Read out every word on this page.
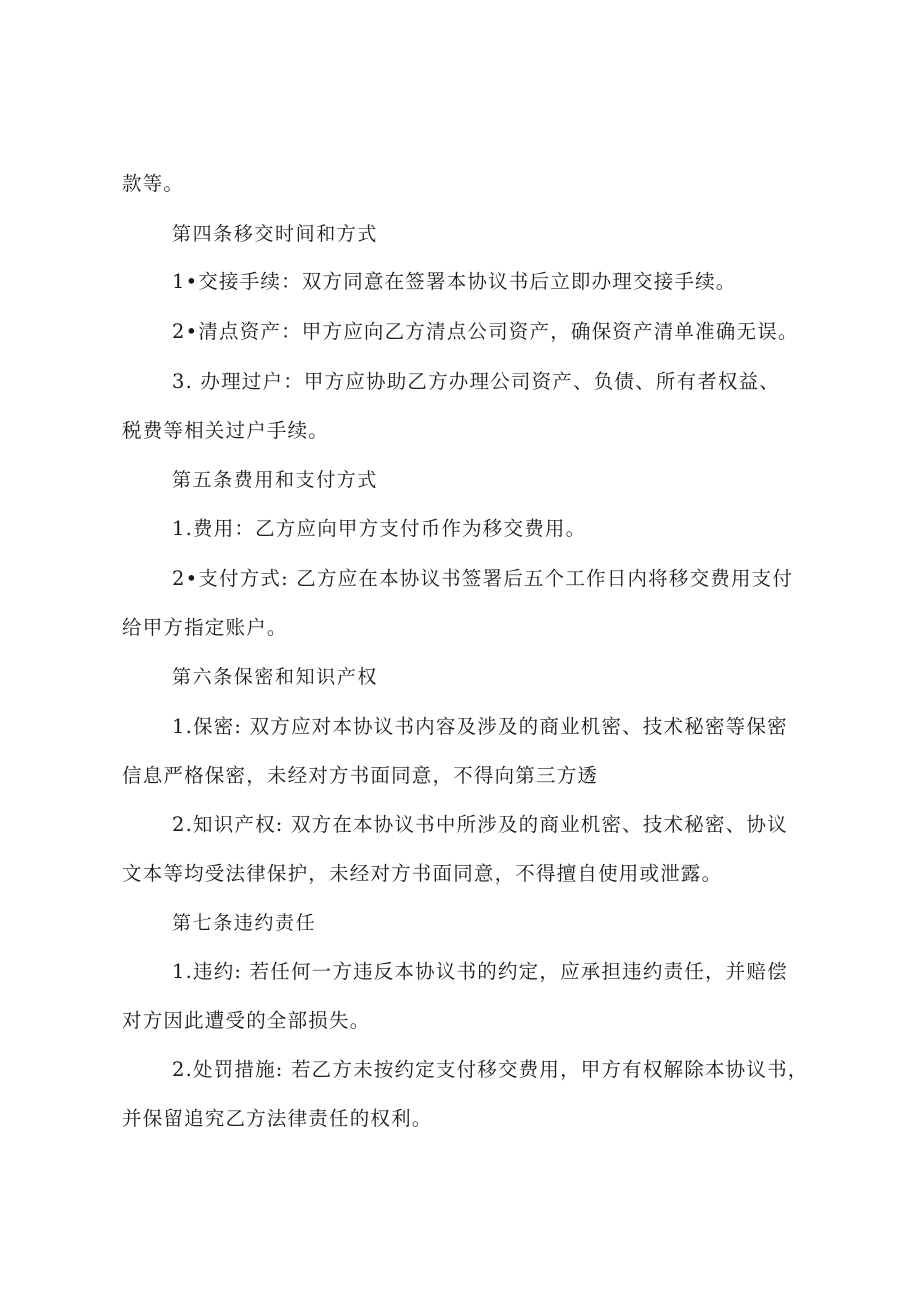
款等。
第四条移交时间和方式
1•交接手续：双方同意在签署本协议书后立即办理交接手续。
2•清点资产：甲方应向乙方清点公司资产，确保资产清单准确无误。
3. 办理过户：甲方应协助乙方办理公司资产、负债、所有者权益、
税费等相关过户手续。
第五条费用和支付方式
1.费用：乙方应向甲方支付币作为移交费用。
2•支付方式: 乙方应在本协议书签署后五个工作日内将移交费用支付
给甲方指定账户。
第六条保密和知识产权
1.保密: 双方应对本协议书内容及涉及的商业机密、技术秘密等保密
信息严格保密，未经对方书面同意，不得向第三方透
2.知识产权: 双方在本协议书中所涉及的商业机密、技术秘密、协议
文本等均受法律保护，未经对方书面同意，不得擅自使用或泄露。
第七条违约责任
1.违约: 若任何一方违反本协议书的约定，应承担违约责任，并赔偿
对方因此遭受的全部损失。
2.处罚措施: 若乙方未按约定支付移交费用，甲方有权解除本协议书，
并保留追究乙方法律责任的权利。
